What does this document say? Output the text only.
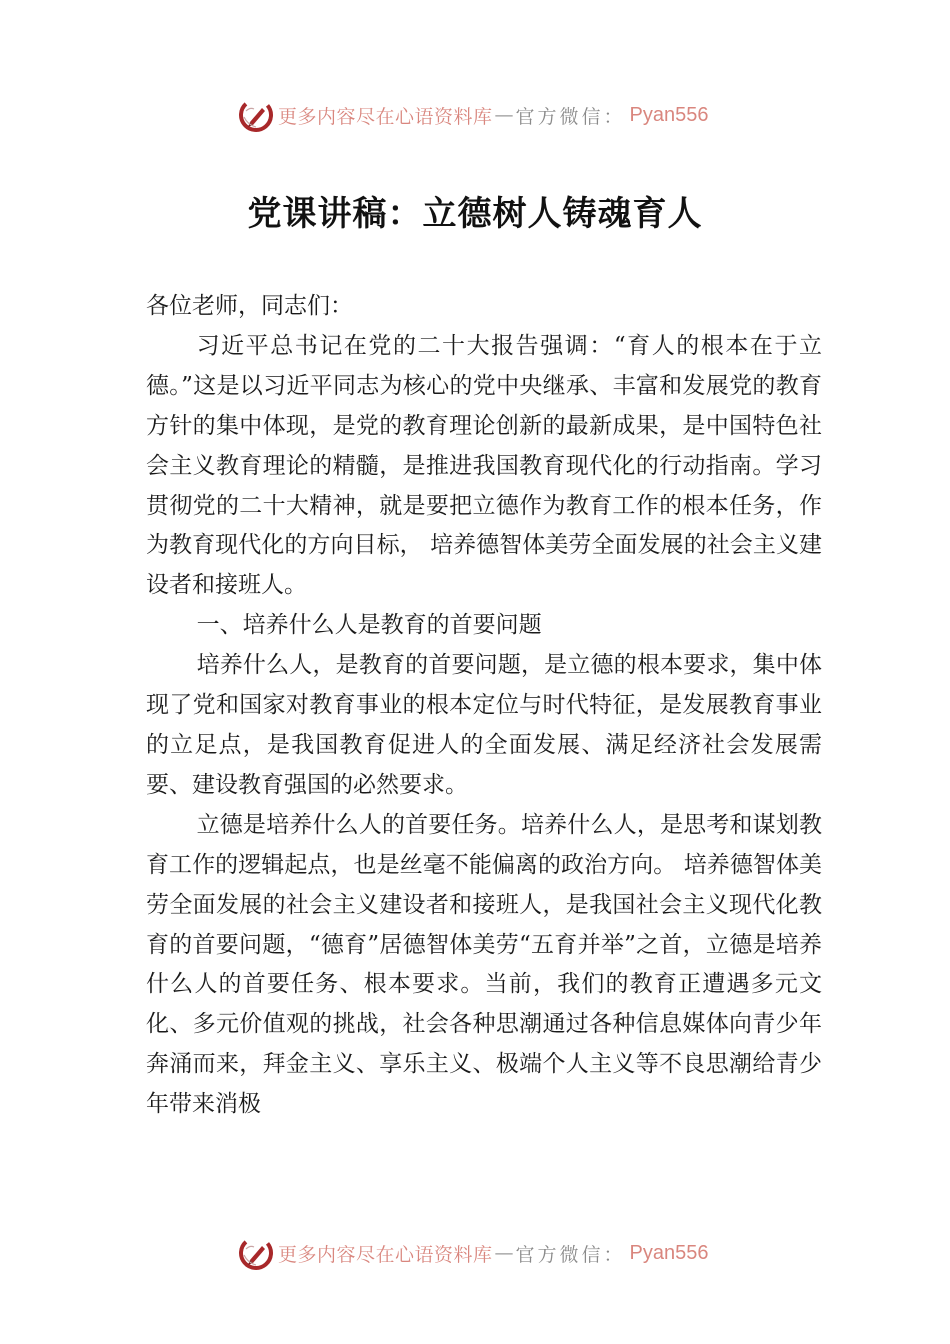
更多内容尽在心语资料库 — 官方微信： Pyan556
党课讲稿：立德树人铸魂育人

各位老师，同志们：

习近平总书记在党的二十大报告强调：“育人的根本在于立德。”这是以习近平同志为核心的党中央继承、丰富和发展党的教育方针的集中体现，是党的教育理论创新的最新成果，是中国特色社会主义教育理论的精髓，是推进我国教育现代化的行动指南。学习贯彻党的二十大精神，就是要把立德作为教育工作的根本任务，作为教育现代化的方向目标， 培养德智体美劳全面发展的社会主义建设者和接班人。

一、培养什么人是教育的首要问题

培养什么人，是教育的首要问题，是立德的根本要求，集中体现了党和国家对教育事业的根本定位与时代特征，是发展教育事业的立足点，是我国教育促进人的全面发展、满足经济社会发展需要、建设教育强国的必然要求。

立德是培养什么人的首要任务。培养什么人，是思考和谋划教育工作的逻辑起点，也是丝毫不能偏离的政治方向。 培养德智体美劳全面发展的社会主义建设者和接班人，是我国社会主义现代化教育的首要问题，“德育”居德智体美劳“五育并举”之首，立德是培养什么人的首要任务、根本要求。当前，我们的教育正遭遇多元文化、多元价值观的挑战，社会各种思潮通过各种信息媒体向青少年奔涌而来，拜金主义、享乐主义、极端个人主义等不良思潮给青少年带来消极

更多内容尽在心语资料库 — 官方微信： Pyan556
